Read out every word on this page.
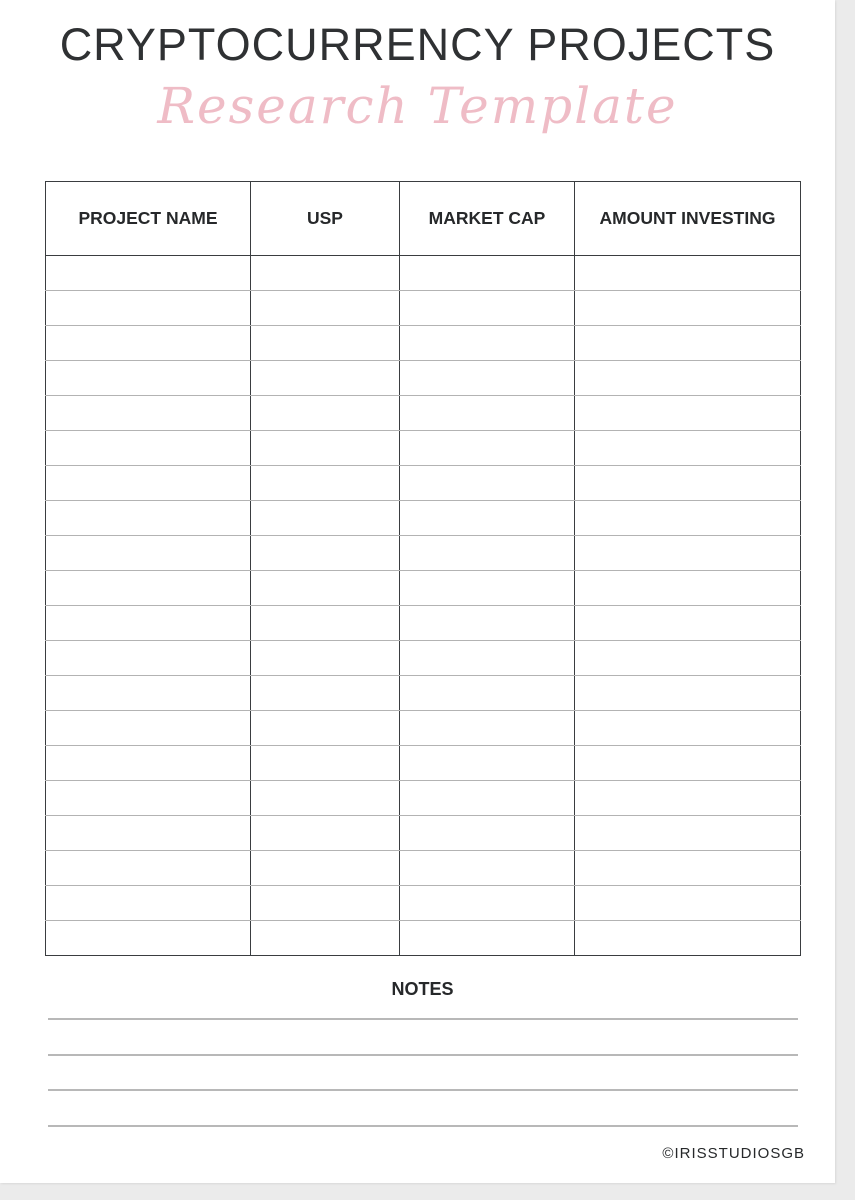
CRYPTOCURRENCY PROJECTS
Research Template
PROJECT NAME	USP	MARKET CAP	AMOUNT INVESTING

NOTES
©IRISSTUDIOSGB
